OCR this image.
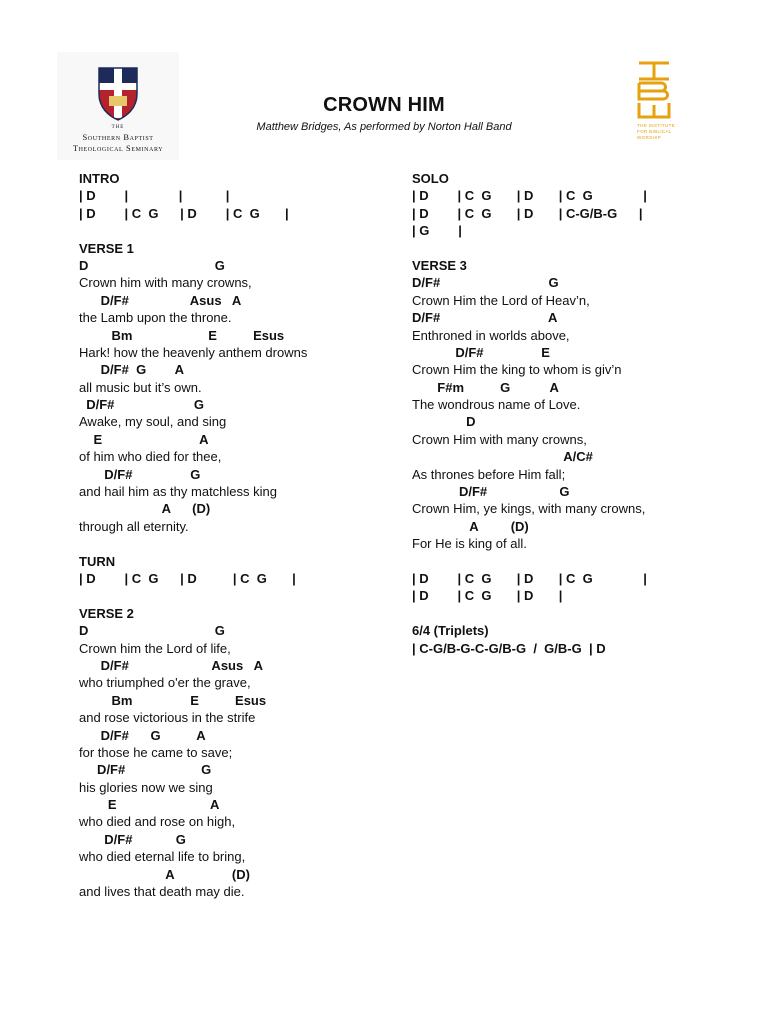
THE
Southern Baptist
Theological Seminary
THE INSTITUTE
FOR BIBLICAL
WORSHIP
CROWN HIM
Matthew Bridges, As performed by Norton Hall Band
INTRO
| D        |              |            |
| D        | C  G      | D        | C  G       |
VERSE 1
D                                   G
Crown him with many crowns,
D/F#                 Asus   A
the Lamb upon the throne.
Bm                     E          Esus
Hark! how the heavenly anthem drowns
D/F#  G        A
all music but it’s own.
D/F#                      G
Awake, my soul, and sing
E                           A
of him who died for thee,
D/F#                G
and hail him as thy matchless king
A      (D)
through all eternity.
TURN
| D        | C  G      | D          | C  G       |
VERSE 2
D                                   G
Crown him the Lord of life,
D/F#                       Asus   A
who triumphed o'er the grave,
Bm                E          Esus
and rose victorious in the strife
D/F#      G          A
for those he came to save;
D/F#                     G
his glories now we sing
E                          A
who died and rose on high,
D/F#            G
who died eternal life to bring,
A                (D)
and lives that death may die.
SOLO
| D        | C  G       | D       | C  G              |
| D        | C  G       | D       | C-G/B-G      |
| G        |
VERSE 3
D/F#                              G
Crown Him the Lord of Heav’n,
D/F#                              A
Enthroned in worlds above,
D/F#                E
Crown Him the king to whom is giv’n
F#m          G           A
The wondrous name of Love.
D
Crown Him with many crowns,
A/C#
As thrones before Him fall;
D/F#                    G
Crown Him, ye kings, with many crowns,
A         (D)
For He is king of all.
| D        | C  G       | D       | C  G              |
| D        | C  G       | D       |
6/4 (Triplets)
| C-G/B-G-C-G/B-G  /  G/B-G  | D
